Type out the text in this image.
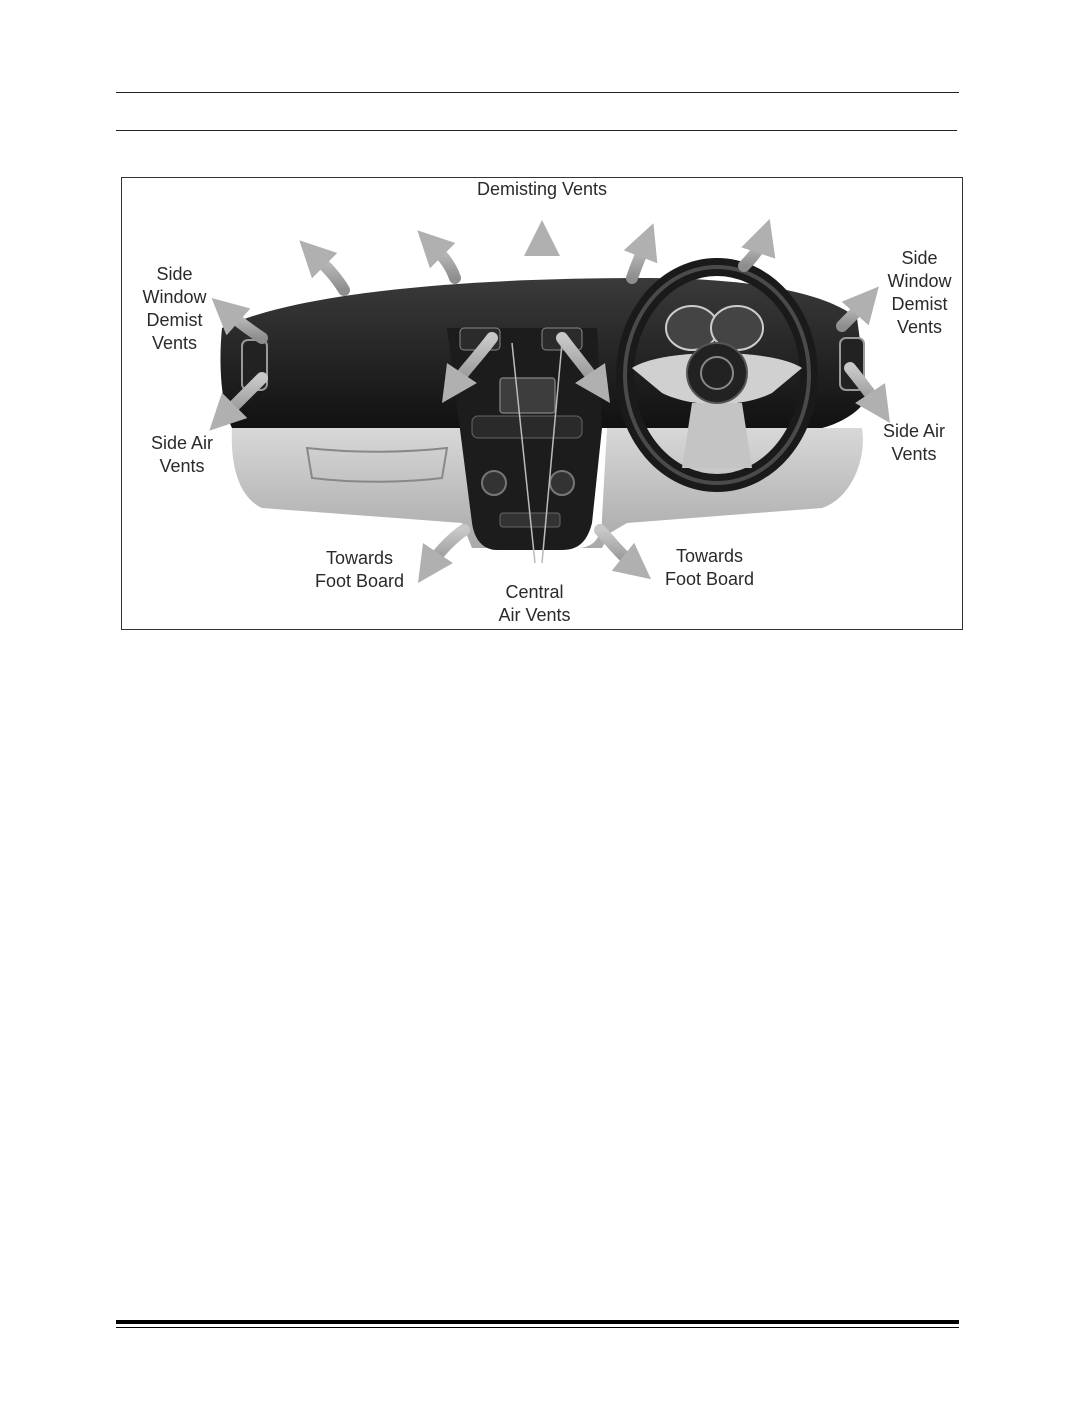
Demisting Vents
Side
Window
Demist
Vents
Side
Window
Demist
Vents
Side Air
Vents
Side Air
Vents
Towards
Foot Board
Towards
Foot Board
Central
Air Vents
